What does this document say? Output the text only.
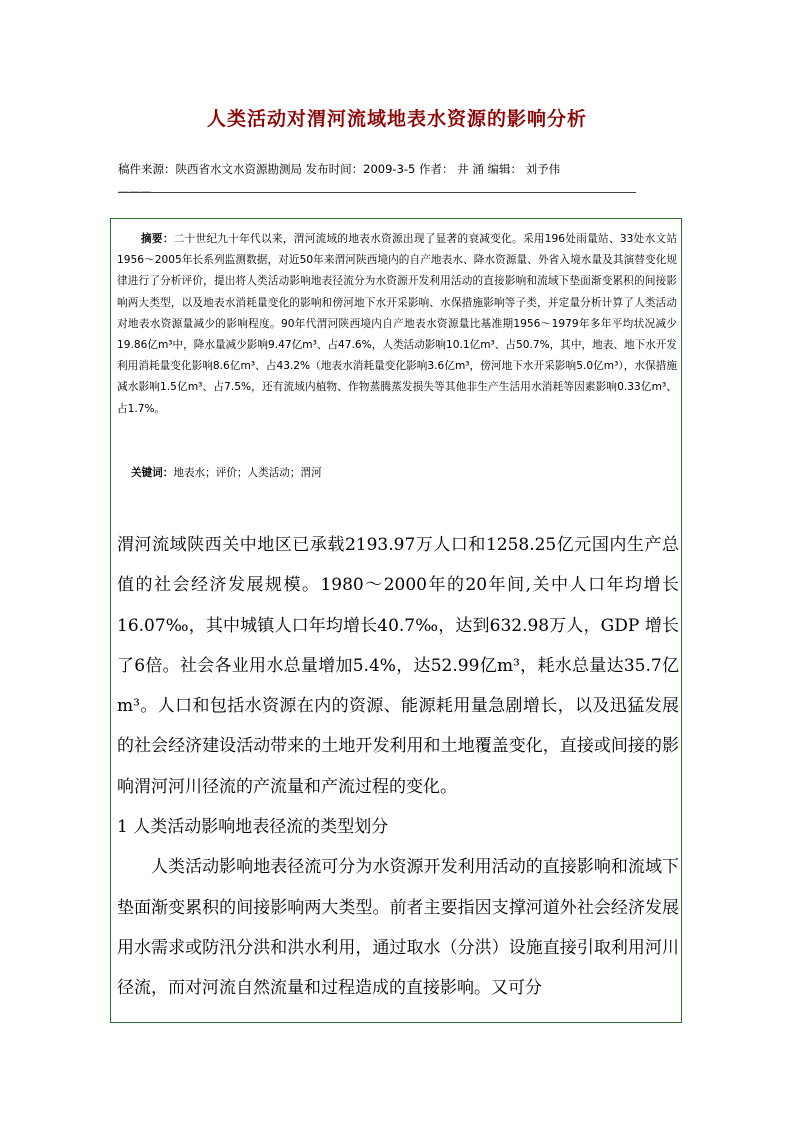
人类活动对渭河流域地表水资源的影响分析
稿件来源：陕西省水文水资源勘测局 发布时间：2009-3-5 作者： 井 涌 编辑： 刘予伟
———
摘要：二十世纪九十年代以来，渭河流域的地表水资源出现了显著的衰减变化。采用196处雨量站、33处水文站1956～2005年长系列监测数据，对近50年来渭河陕西境内的自产地表水、降水资源量、外省入境水量及其演替变化规律进行了分析评价，提出将人类活动影响地表径流分为水资源开发利用活动的直接影响和流域下垫面渐变累积的间接影响两大类型，以及地表水消耗量变化的影响和傍河地下水开采影响、水保措施影响等子类，并定量分析计算了人类活动对地表水资源量减少的影响程度。90年代渭河陕西境内自产地表水资源量比基准期1956～1979年多年平均状况减少19.86亿m³中，降水量减少影响9.47亿m³、占47.6%，人类活动影响10.1亿m³、占50.7%，其中，地表、地下水开发利用消耗量变化影响8.6亿m³、占43.2%（地表水消耗量变化影响3.6亿m³，傍河地下水开采影响5.0亿m³），水保措施减水影响1.5亿m³、占7.5%，还有流域内植物、作物蒸腾蒸发损失等其他非生产生活用水消耗等因素影响0.33亿m³、占1.7%。
关键词：地表水；评价；人类活动；渭河

渭河流域陕西关中地区已承载2193.97万人口和1258.25亿元国内生产总值的社会经济发展规模。1980～2000年的20年间,关中人口年均增长16.07‰，其中城镇人口年均增长40.7‰，达到632.98万人，GDP 增长了6倍。社会各业用水总量增加5.4%，达52.99亿m³，耗水总量达35.7亿m³。人口和包括水资源在内的资源、能源耗用量急剧增长，以及迅猛发展的社会经济建设活动带来的土地开发利用和土地覆盖变化，直接或间接的影响渭河河川径流的产流量和产流过程的变化。

1 人类活动影响地表径流的类型划分

人类活动影响地表径流可分为水资源开发利用活动的直接影响和流域下垫面渐变累积的间接影响两大类型。前者主要指因支撑河道外社会经济发展用水需求或防汛分洪和洪水利用，通过取水（分洪）设施直接引取利用河川径流，而对河流自然流量和过程造成的直接影响。又可分
